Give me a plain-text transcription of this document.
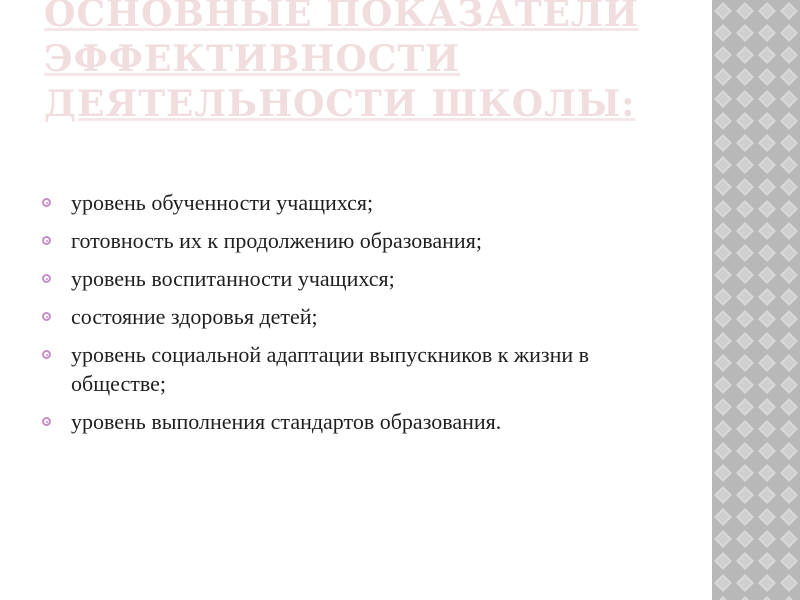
ОСНОВНЫЕ ПОКАЗАТЕЛИ
ЭФФЕКТИВНОСТИ
ДЕЯТЕЛЬНОСТИ ШКОЛЫ:
уровень обученности учащихся;
готовность их к продолжению образования;
уровень воспитанности учащихся;
состояние здоровья детей;
уровень социальной адаптации выпускников к жизни в обществе;
уровень выполнения стандартов образования.
